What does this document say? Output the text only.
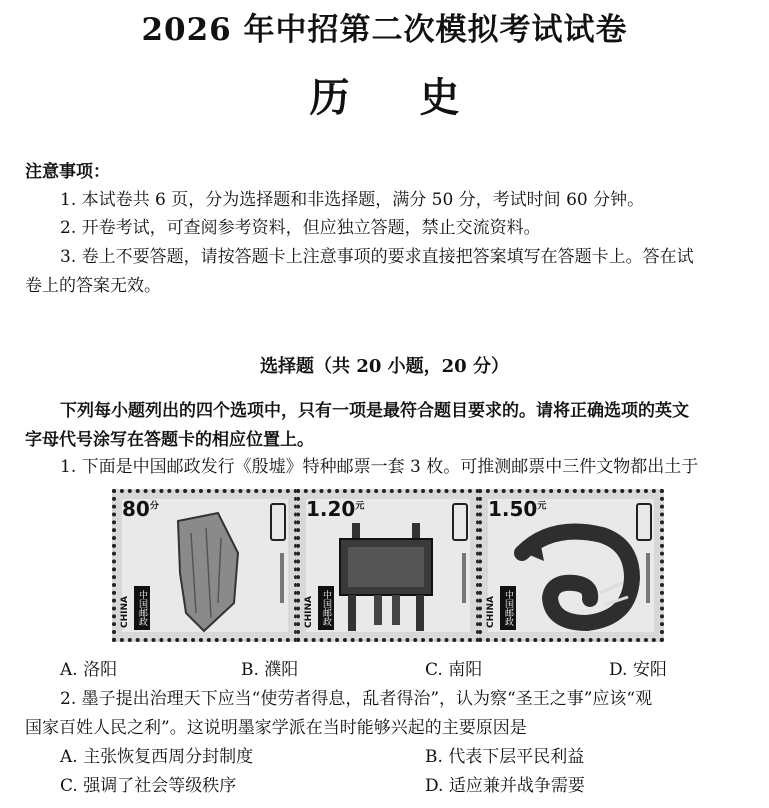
2026 年中招第二次模拟考试试卷
历史
注意事项：
1. 本试卷共 6 页，分为选择题和非选择题，满分 50 分，考试时间 60 分钟。
2. 开卷考试，可查阅参考资料，但应独立答题，禁止交流资料。
3. 卷上不要答题，请按答题卡上注意事项的要求直接把答案填写在答题卡上。答在试
卷上的答案无效。
选择题（共 20 小题，20 分）
下列每小题列出的四个选项中，只有一项是最符合题目要求的。请将正确选项的英文
字母代号涂写在答题卡的相应位置上。
1. 下面是中国邮政发行《殷墟》特种邮票一套 3 枚。可推测邮票中三件文物都出土于
$80^分$
CHINA 中国邮政
$1.20^元$
CHINA 中国邮政
$1.50^元$
CHINA 中国邮政
A. 洛阳	B. 濮阳	C. 南阳	D. 安阳
2. 墨子提出治理天下应当“使劳者得息，乱者得治”，认为察“圣王之事”应该“观
国家百姓人民之利”。这说明墨家学派在当时能够兴起的主要原因是
A. 主张恢复西周分封制度	B. 代表下层平民利益
C. 强调了社会等级秩序	D. 适应兼并战争需要
